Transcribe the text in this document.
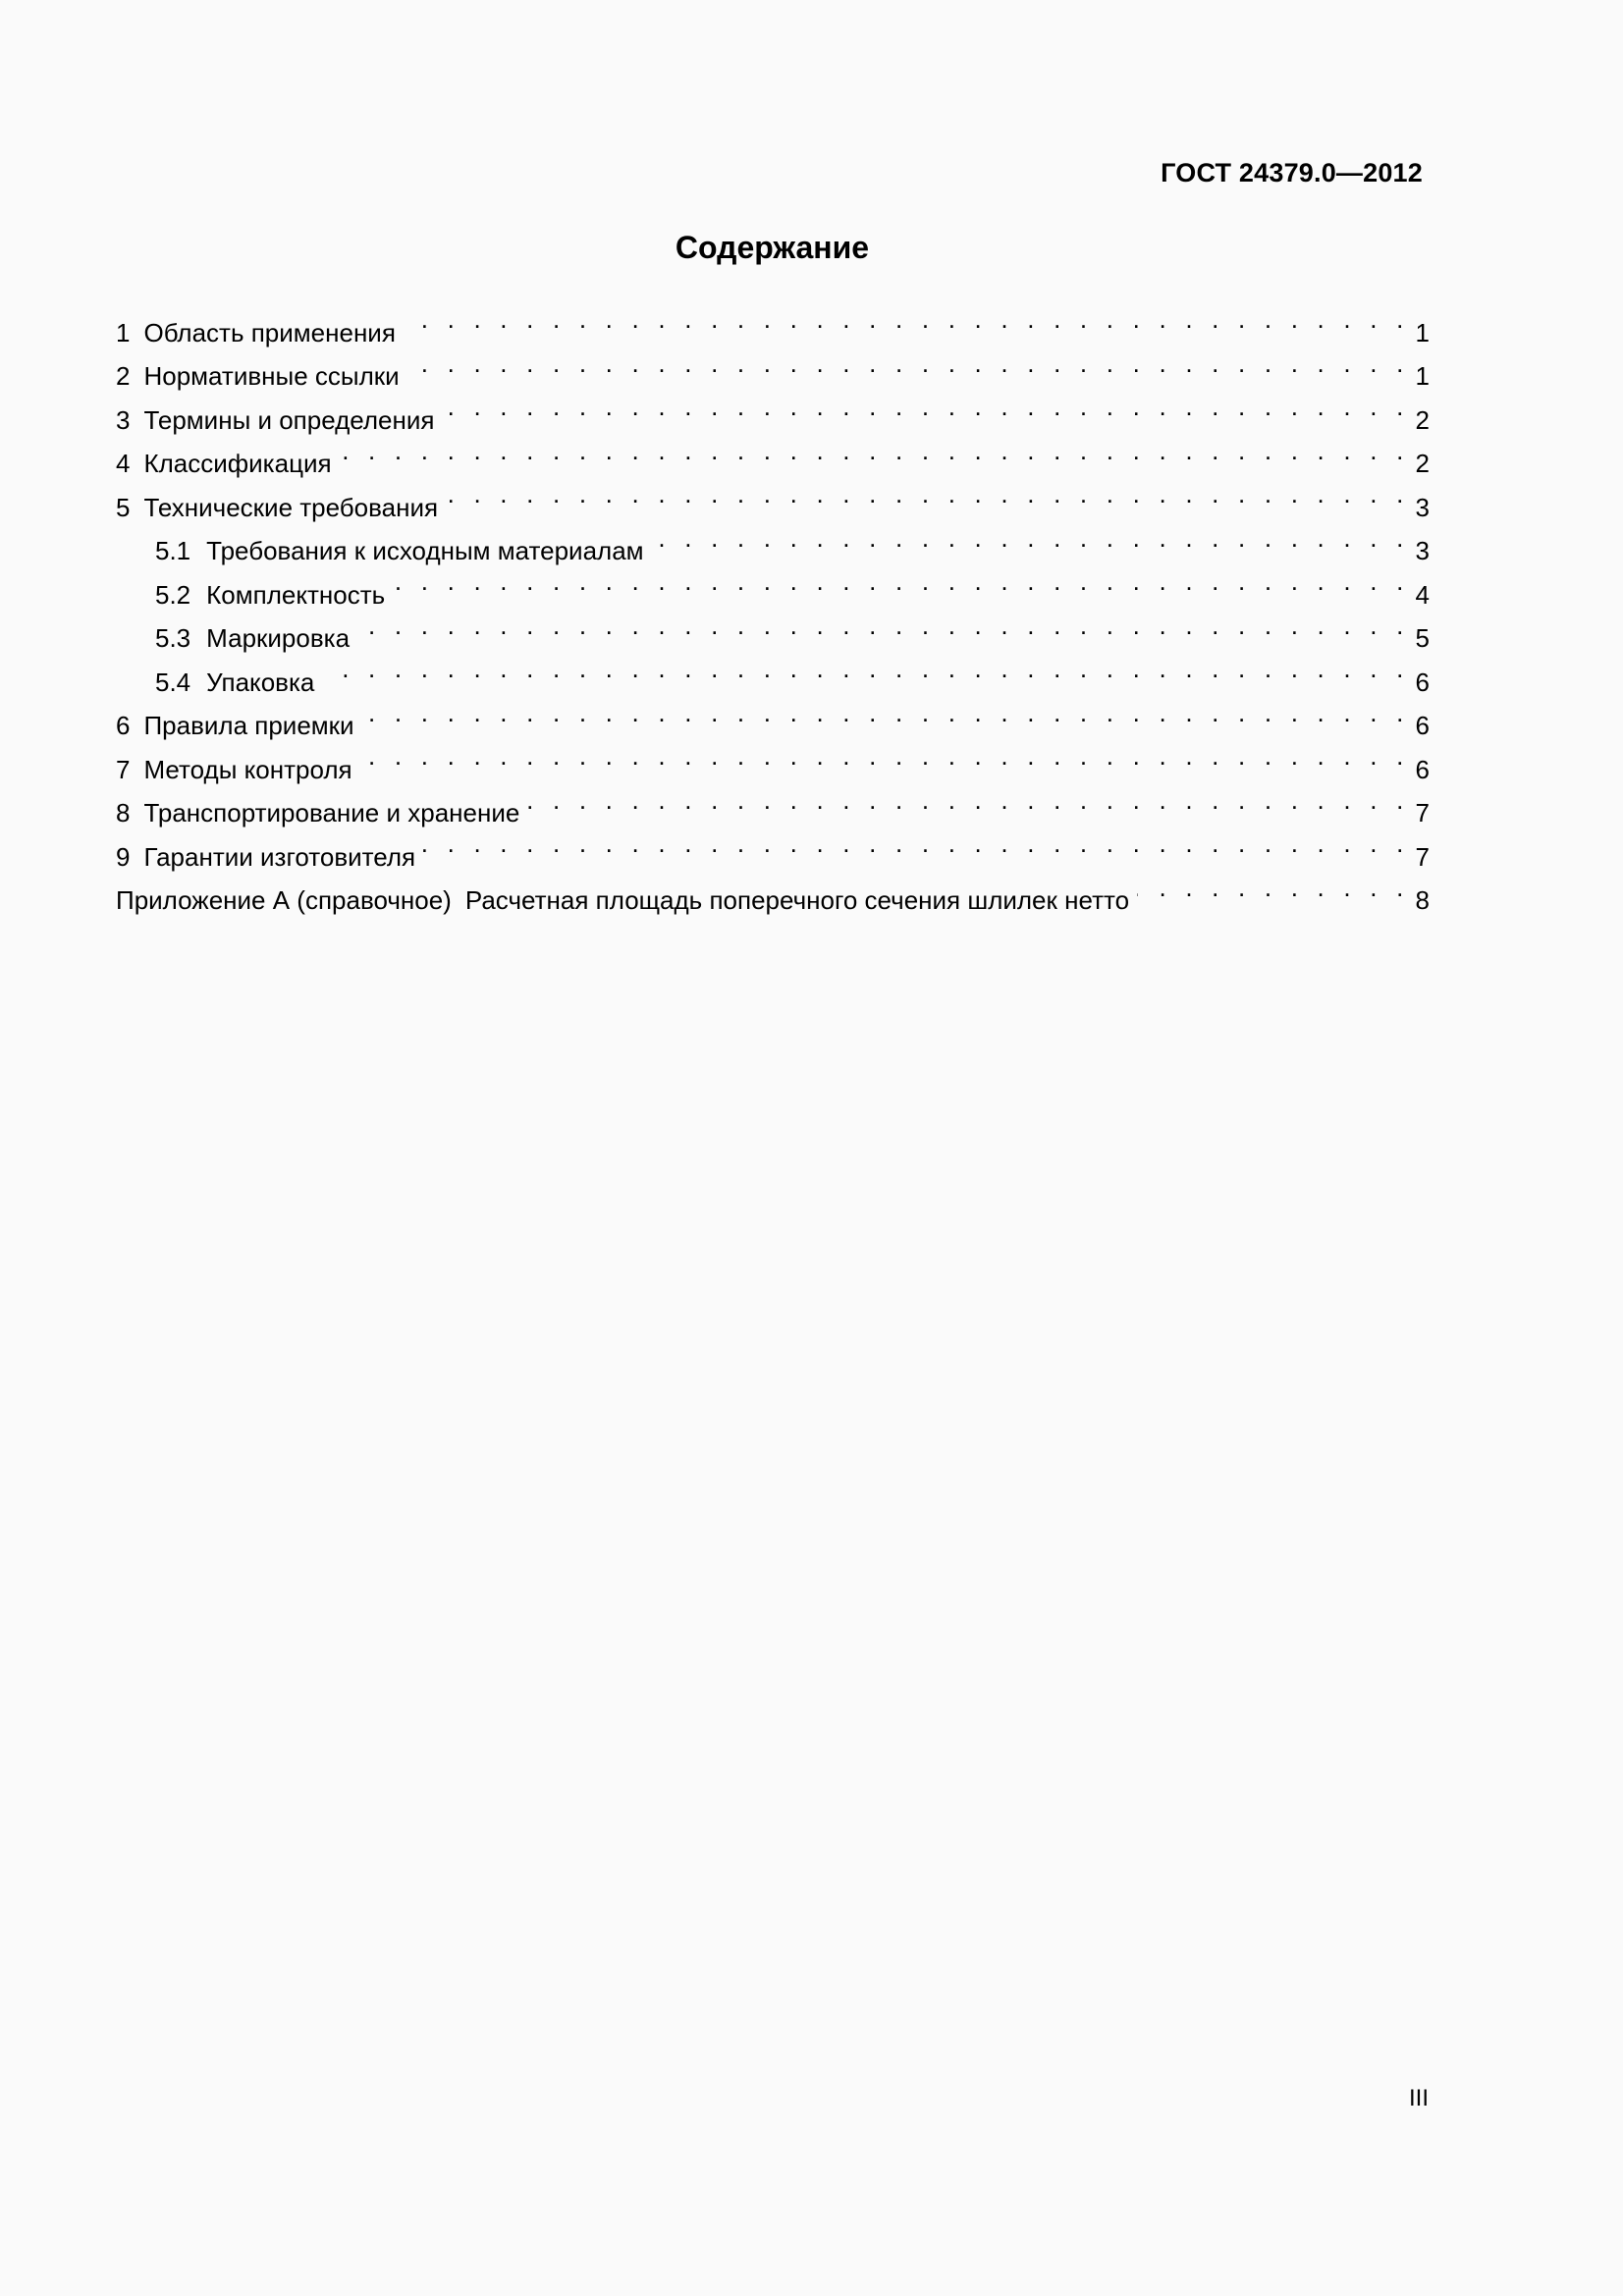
ГОСТ 24379.0—2012
Содержание
1 Область применения . . .	1
2 Нормативные ссылки . . .	1
3 Термины и определения . . .	2
4 Классификация . . .	2
5 Технические требования . . .	3
5.1 Требования к исходным материалам . . .	3
5.2 Комплектность . . .	4
5.3 Маркировка . . .	5
5.4 Упаковка . . .	6
6 Правила приемки . . .	6
7 Методы контроля . . .	6
8 Транспортирование и хранение . . .	7
9 Гарантии изготовителя . . .	7
Приложение А (справочное) Расчетная площадь поперечного сечения шлилек нетто . . .	8
III
